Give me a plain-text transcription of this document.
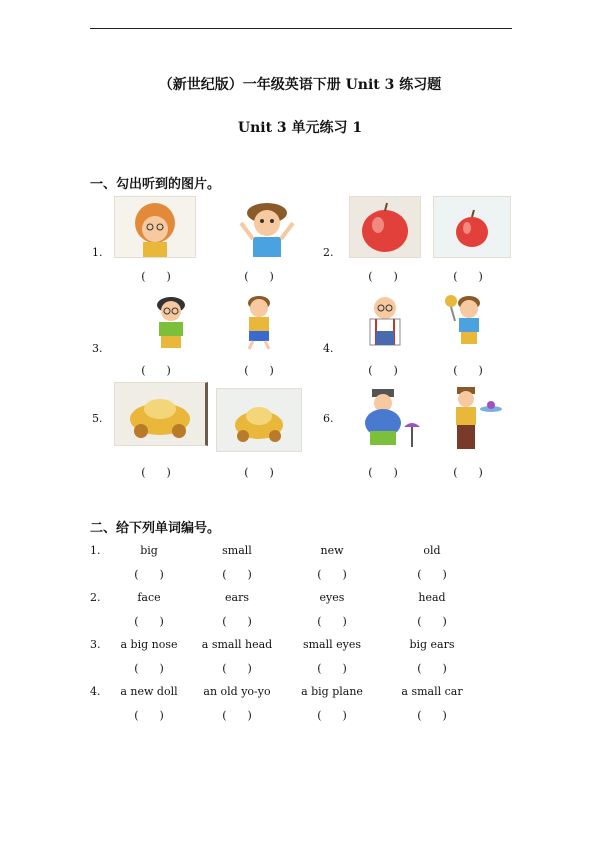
（新世纪版）一年级英语下册 Unit 3 练习题
Unit 3 单元练习 1
一、勾出听到的图片。
1.
(      )	(      )
2.
(      )	(      )
3.
(      )	(      )
4.
(      )	(      )
5.
(      )	(      )
6.
(      )	(      )
二、给下列单词编号。
1.	big	small	new	old
(      )	(      )	(      )	(      )
2.	face	ears	eyes	head
(      )	(      )	(      )	(      )
3.	a big nose	a small head	small eyes	big ears
(      )	(      )	(      )	(      )
4.	a new doll	an old yo-yo	a big plane	a small car
(      )	(      )	(      )	(      )
